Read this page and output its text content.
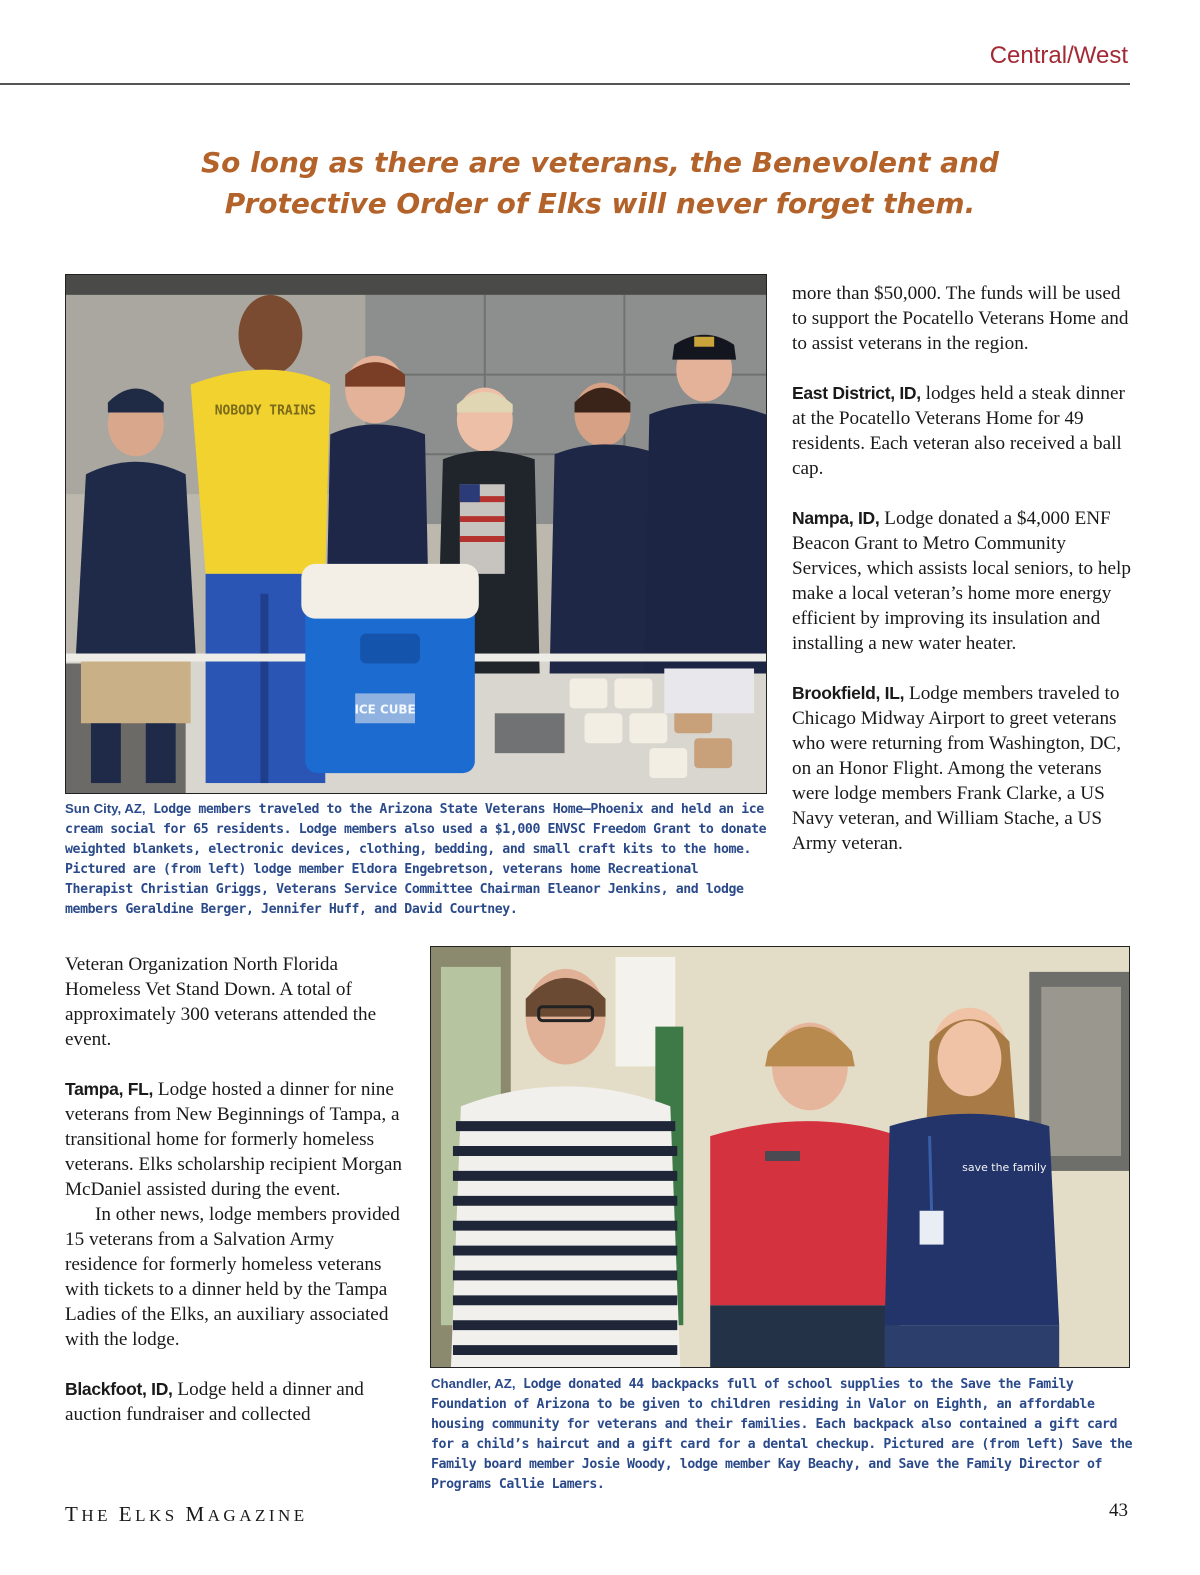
Central/West
So long as there are veterans, the Benevolent and
Protective Order of Elks will never forget them.
NOBODY TRAINS
ICE CUBE
Sun City, AZ, Lodge members traveled to the Arizona State Veterans Home–Phoenix and held an ice cream social for 65 residents. Lodge members also used a $1,000 ENVSC Freedom Grant to donate weighted blankets, electronic devices, clothing, bedding, and small craft kits to the home. Pictured are (from left) lodge member Eldora Engebretson, veterans home Recreational Therapist Christian Griggs, Veterans Service Committee Chairman Eleanor Jenkins, and lodge members Geraldine Berger, Jennifer Huff, and David Courtney.

more than $50,000. The funds will be used to support the Pocatello Veterans Home and to assist veterans in the region.

East District, ID, lodges held a steak dinner at the Pocatello Veterans Home for 49 residents. Each veteran also received a ball cap.

Nampa, ID, Lodge donated a $4,000 ENF Beacon Grant to Metro Community Services, which assists local seniors, to help make a local veteran’s home more energy efficient by improving its insulation and installing a new water heater.

Brookfield, IL, Lodge members traveled to Chicago Midway Airport to greet veterans who were returning from Washington, DC, on an Honor Flight. Among the veterans were lodge members Frank Clarke, a US Navy veteran, and William Stache, a US Army veteran.

Veteran Organization North Florida Homeless Vet Stand Down. A total of approximately 300 veterans attended the event.

Tampa, FL, Lodge hosted a dinner for nine veterans from New Beginnings of Tampa, a transitional home for formerly homeless veterans. Elks scholarship recipient Morgan McDaniel assisted during the event.

In other news, lodge members provided 15 veterans from a Salvation Army residence for formerly homeless veterans with tickets to a dinner held by the Tampa Ladies of the Elks, an auxiliary associated with the lodge.

Blackfoot, ID, Lodge held a dinner and auction fundraiser and collected

save the family
Chandler, AZ, Lodge donated 44 backpacks full of school supplies to the Save the Family Foundation of Arizona to be given to children residing in Valor on Eighth, an affordable housing community for veterans and their families. Each backpack also contained a gift card for a child’s haircut and a gift card for a dental checkup. Pictured are (from left) Save the Family board member Josie Woody, lodge member Kay Beachy, and Save the Family Director of Programs Callie Lamers.
THE ELKS MAGAZINE	43
